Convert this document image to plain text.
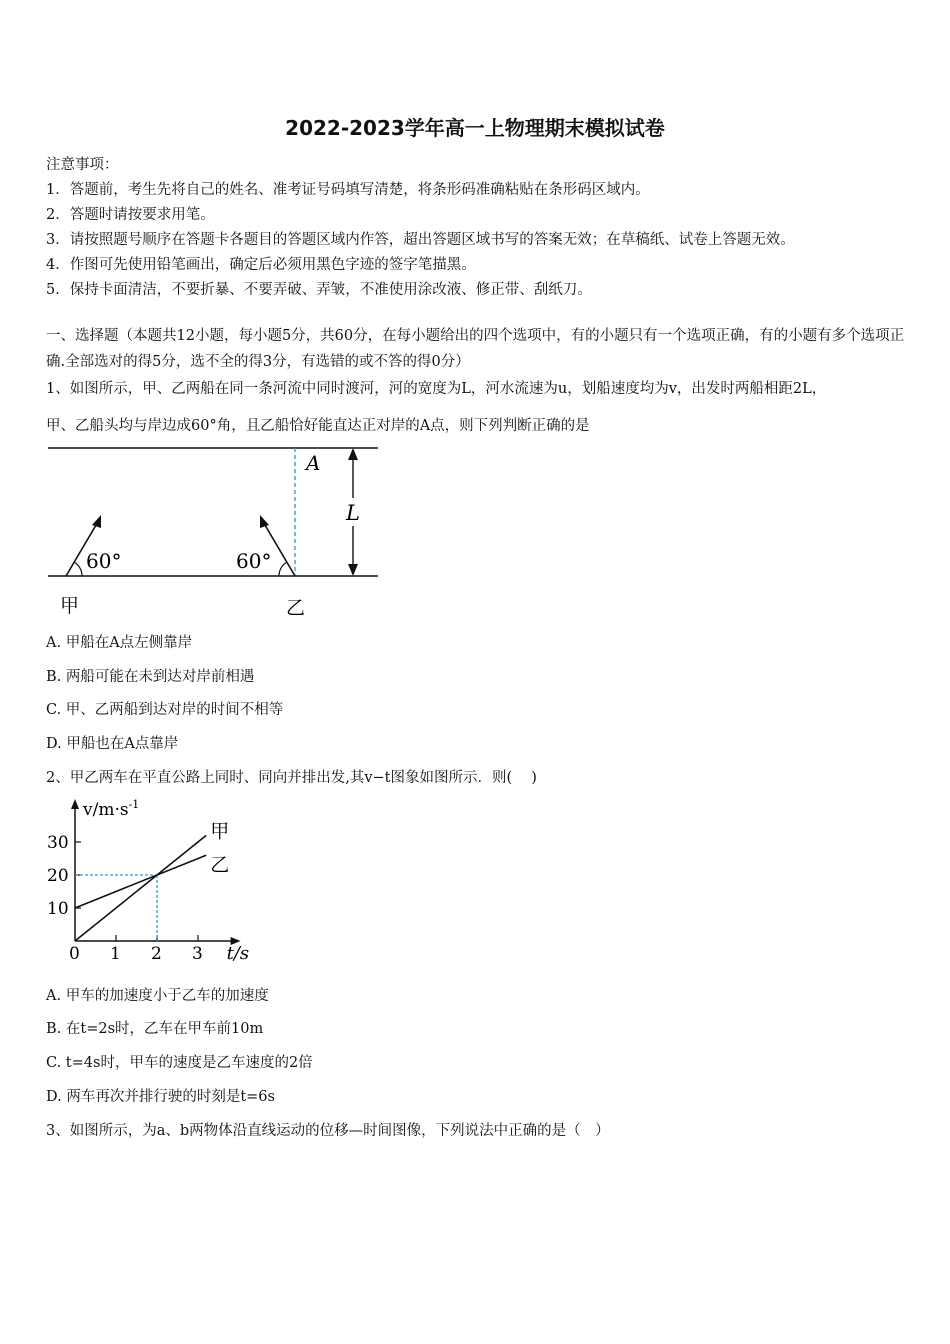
2022-2023学年高一上物理期末模拟试卷
注意事项：
1．答题前，考生先将自己的姓名、准考证号码填写清楚，将条形码准确粘贴在条形码区域内。
2．答题时请按要求用笔。
3．请按照题号顺序在答题卡各题目的答题区域内作答，超出答题区域书写的答案无效；在草稿纸、试卷上答题无效。
4．作图可先使用铅笔画出，确定后必须用黑色字迹的签字笔描黑。
5．保持卡面清洁，不要折暴、不要弄破、弄皱，不准使用涂改液、修正带、刮纸刀。
一、选择题（本题共12小题，每小题5分，共60分，在每小题给出的四个选项中，有的小题只有一个选项正确，有的小题有多个选项正确.全部选对的得5分，选不全的得3分，有选错的或不答的得0分）
1、如图所示，甲、乙两船在同一条河流中同时渡河，河的宽度为L，河水流速为u，划船速度均为v，出发时两船相距2L，
甲、乙船头均与岸边成60°角，且乙船恰好能直达正对岸的A点，则下列判断正确的是
A
L
60°
甲
60°
乙
A. 甲船在A点左侧靠岸
B. 两船可能在未到达对岸前相遇
C. 甲、乙两船到达对岸的时间不相等
D. 甲船也在A点靠岸
2、甲乙两车在平直公路上同时、同向并排出发,其v−t图象如图所示．则(　 )
0 1 2 3
10
20
30
甲
乙
t/s
$v/m\cdot s^{-1}$
A. 甲车的加速度小于乙车的加速度
B. 在t=2s时，乙车在甲车前10m
C. t=4s时，甲车的速度是乙车速度的2倍
D. 两车再次并排行驶的时刻是t=6s
3、如图所示，为a、b两物体沿直线运动的位移—时间图像，下列说法中正确的是（　）
